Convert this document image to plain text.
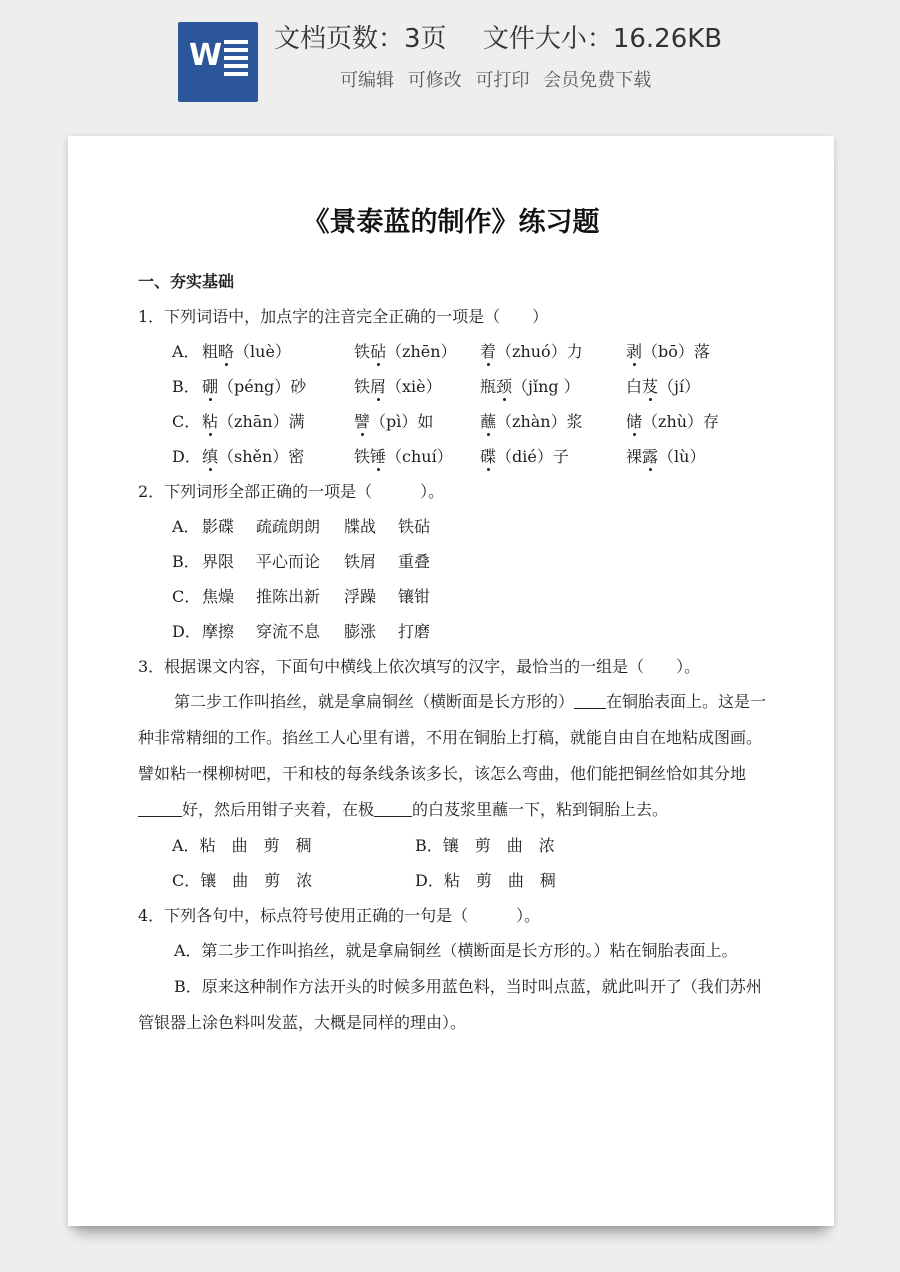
W 文档页数：3页 文件大小：16.26KB
可编辑 可修改 可打印 会员免费下载
《景泰蓝的制作》练习题
一、夯实基础
1．下列词语中，加点字的注音完全正确的一项是（　　）
A． 粗略（luè）	铁砧（zhēn） 着（zhuó）力	剥（bō）落
B． 硼（péng）砂	铁屑（xiè） 瓶颈（jǐng ）	白芨（jí）
C． 粘（zhān）满	譬（pì）如	蘸（zhàn）浆	储（zhù）存
D．缜（shěn）密	铁锤（chuí） 碟（dié）子	裸露（lù）
2．下列词形全部正确的一项是（　　　）。
A． 影碟 疏疏朗朗 牒战 铁砧
B． 界限 平心而论 铁屑 重叠
C． 焦燥 推陈出新 浮躁 镶钳
D．摩擦 穿流不息 膨涨 打磨
3．根据课文内容，下面句中横线上依次填写的汉字，最恰当的一组是（　　）。
第二步工作叫掐丝，就是拿扁铜丝（横断面是长方形的） 在铜胎表面上。这是一种非常精细的工作。掐丝工人心里有谱，不用在铜胎上打稿，就能自由自在地粘成图画。譬如粘一棵柳树吧，干和枝的每条线条该多长，该怎么弯曲，他们能把铜丝恰如其分地好，然后用钳子夹着，在极 的白芨浆里蘸一下，粘到铜胎上去。
A．粘　曲　剪　稠	B．镶　剪　曲　浓
C．镶　曲　剪　浓	D．粘　剪　曲　稠
4．下列各句中，标点符号使用正确的一句是（　　　）。
A．第二步工作叫掐丝，就是拿扁铜丝（横断面是长方形的。）粘在铜胎表面上。
B．原来这种制作方法开头的时候多用蓝色料，当时叫点蓝，就此叫开了（我们苏州管银器上涂色料叫发蓝，大概是同样的理由）。
